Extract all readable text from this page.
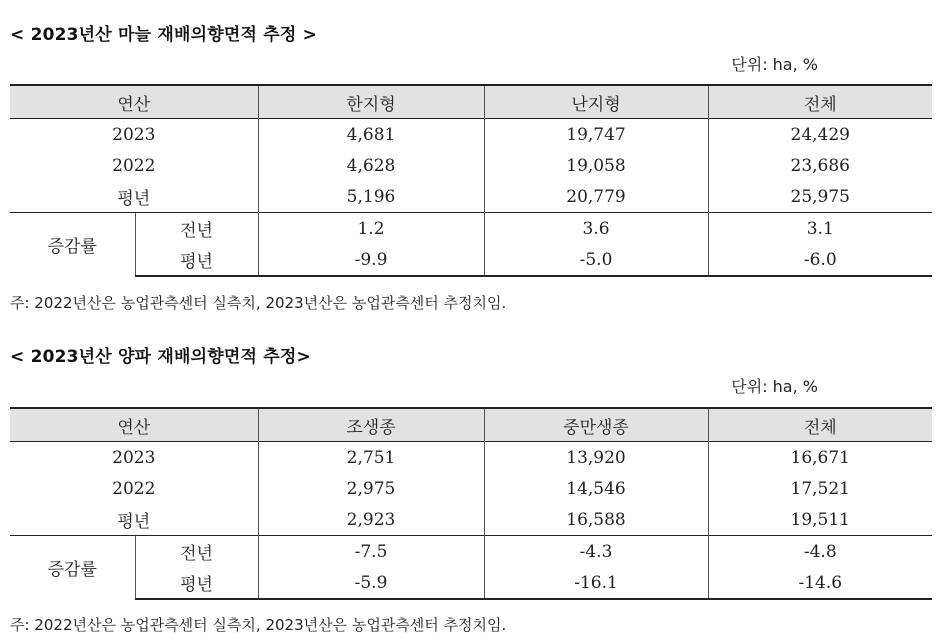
< 2023년산 마늘 재배의향면적 추정 >
단위: ha, %
연산		한지형	난지형	전체
2023		4,681	19,747	24,429
2022		4,628	19,058	23,686
평년		5,196	20,779	25,975
증감률	전년	1.2	3.6	3.1
	평년	-9.9	-5.0	-6.0
주: 2022년산은 농업관측센터 실측치, 2023년산은 농업관측센터 추정치임.
< 2023년산 양파 재배의향면적 추정>
단위: ha, %
연산		조생종	중만생종	전체
2023		2,751	13,920	16,671
2022		2,975	14,546	17,521
평년		2,923	16,588	19,511
증감률	전년	-7.5	-4.3	-4.8
	평년	-5.9	-16.1	-14.6
주: 2022년산은 농업관측센터 실측치, 2023년산은 농업관측센터 추정치임.
